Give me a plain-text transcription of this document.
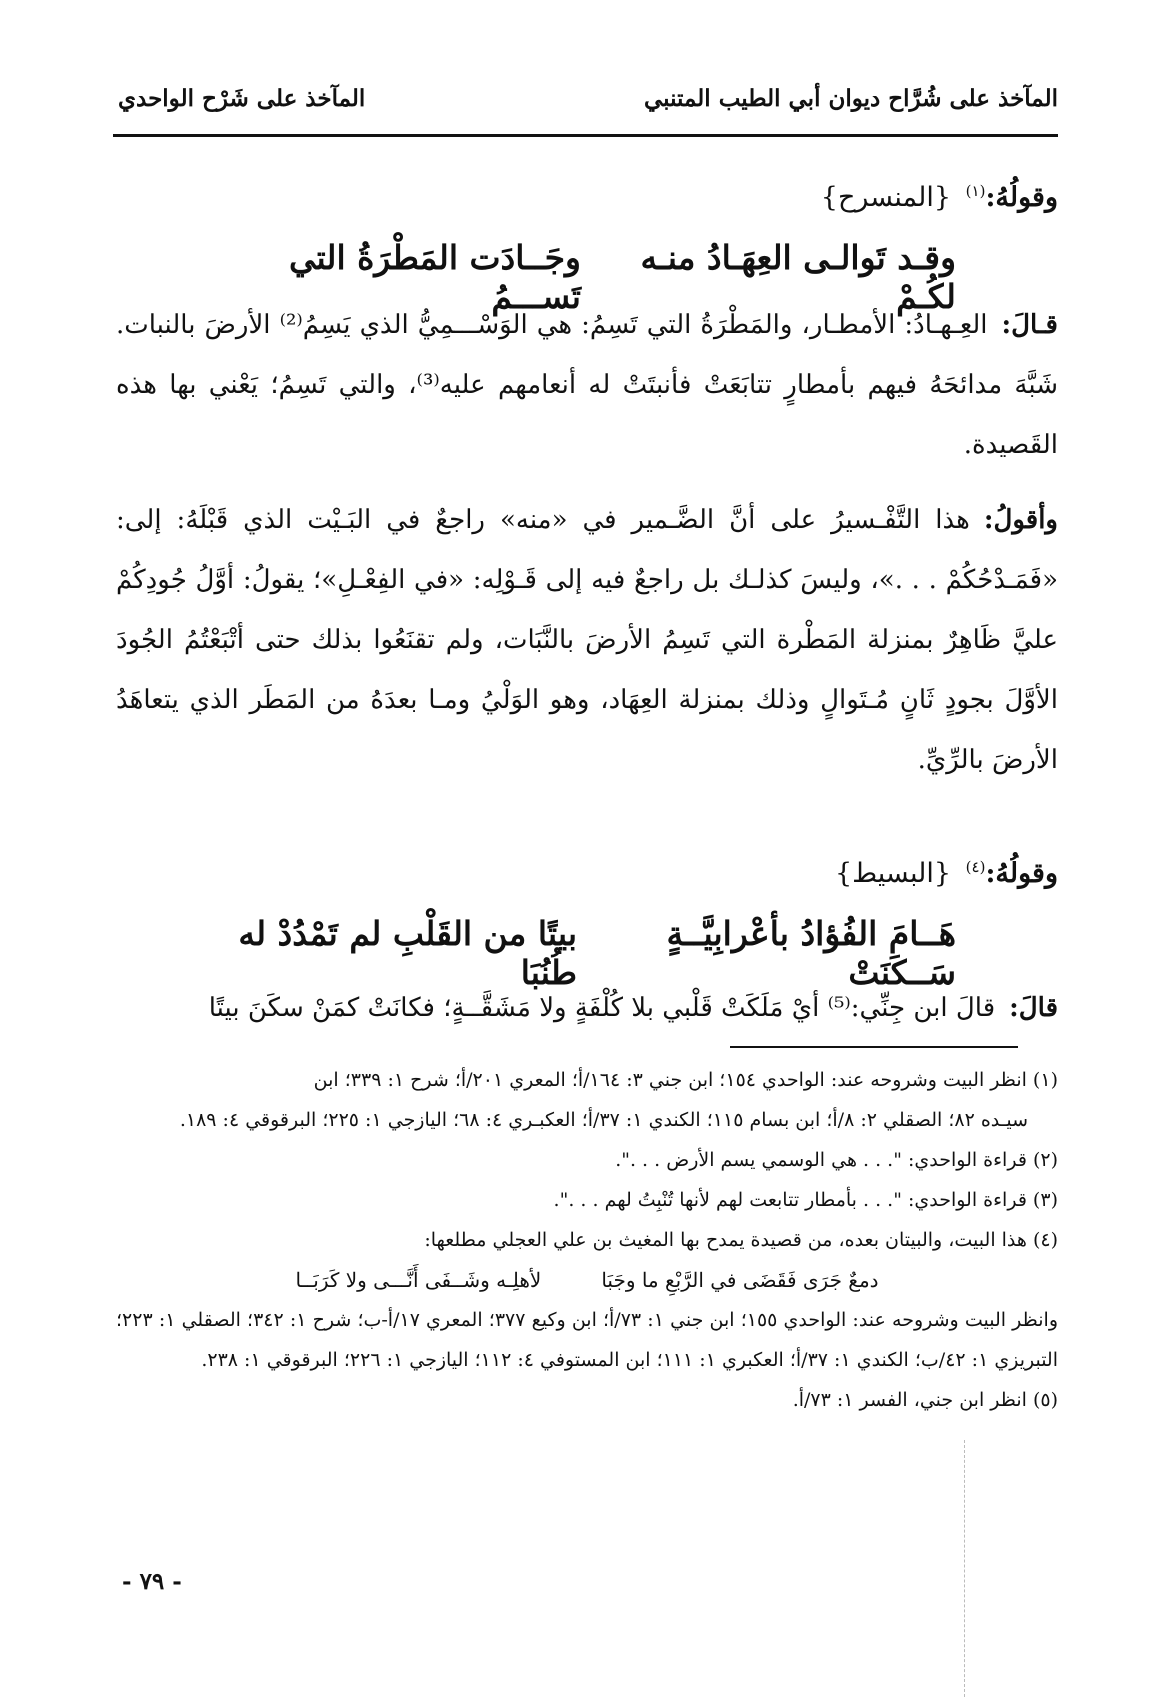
المآخذ على شُرَّاح ديوان أبي الطيب المتنبي
المآخذ على شَرْح الواحدي
وقولُهُ:$^{(١)}$ {المنسرح}
وقـد تَوالـى العِهَـادُ منـه لكُـمْ
وجَــادَت المَطْرَةُ التي تَســـمُ
قـالَ:العِـهـادُ: الأمطـار، والمَطْرَةُ التي تَسِمُ: هي الوَسْـــمِيُّ الذي يَسِمُ⁽²⁾ الأرضَ بالنبات. شَبَّهَ مدائحَهُ فيهم بأمطارٍ تتابَعَتْ فأنبتَتْ له أنعامهم عليه⁽³⁾، والتي تَسِمُ؛ يَعْني بها هذه القَصيدة.
وأقولُ:هذا التَّفْـسيرُ على أنَّ الضَّـمير في «منه» راجعٌ في البَـيْت الذي قَبْلَهُ: إلى: «فَمَـدْحُكُمْ . . .»، وليسَ كذلـك بل راجعٌ فيه إلى قَـوْلِه: «في الفِعْـلِ»؛ يقولُ: أوَّلُ جُودِكُمْ عليَّ ظَاهِرٌ بمنزلة المَطْرة التي تَسِمُ الأرضَ بالنَّبَات، ولم تقنَعُوا بذلك حتى أتْبَعْتُمُ الجُودَ الأوَّلَ بجودٍ ثَانٍ مُـتَوالٍ وذلك بمنزلة العِهَاد، وهو الوَلْيُ ومـا بعدَهُ من المَطَر الذي يتعاهَدُ الأرضَ بالرِّيِّ.
وقولُهُ:$^{(٤)}$ {البسيط}
هَــامَ الفُؤادُ بأعْرابِيَّــةٍ سَــكَنَتْ
بيتًا من القَلْبِ لم تَمْدُدْ له طُنُبَا
قالَ:قالَ ابن جِنِّي:⁽⁵⁾ أيْ مَلَكَتْ قَلْبي بلا كُلْفَةٍ ولا مَشَقَّــةٍ؛ فكانَتْ كمَنْ سكَنَ بيتًا
(١) انظر البيت وشروحه عند: الواحدي ١٥٤؛ ابن جني ٣: ١٦٤/أ؛ المعري ٢٠١/أ؛ شرح ١: ٣٣٩؛ ابن
سيـده ٨٢؛ الصقلي ٢: ٨/أ؛ ابن بسام ١١٥؛ الكندي ١: ٣٧/أ؛ العكبـري ٤: ٦٨؛ اليازجي ١: ٢٢٥؛ البرقوقي ٤: ١٨٩.
(٢) قراءة الواحدي: ". . . هي الوسمي يسم الأرض . . .".
(٣) قراءة الواحدي: ". . . بأمطار تتابعت لهم لأنها تُنْبِتُ لهم . . .".
(٤) هذا البيت، والبيتان بعده، من قصيدة يمدح بها المغيث بن علي العجلي مطلعها:
دمعٌ جَرَى فَقَضَى في الرَّبْعِ ما وجَبَا
لأهلِـه وشَــفَى أَنَّـــى ولا كَرَبَــا
وانظر البيت وشروحه عند: الواحدي ١٥٥؛ ابن جني ١: ٧٣/أ؛ ابن وكيع ٣٧٧؛ المعري ١٧/أ-ب؛ شرح ١: ٣٤٢؛ الصقلي ١: ٢٢٣؛ التبريزي ١: ٤٢/ب؛ الكندي ١: ٣٧/أ؛ العكبري ١: ١١١؛ ابن المستوفي ٤: ١١٢؛ اليازجي ١: ٢٢٦؛ البرقوقي ١: ٢٣٨.
(٥) انظر ابن جني، الفسر ١: ٧٣/أ.
- ٧٩ -
